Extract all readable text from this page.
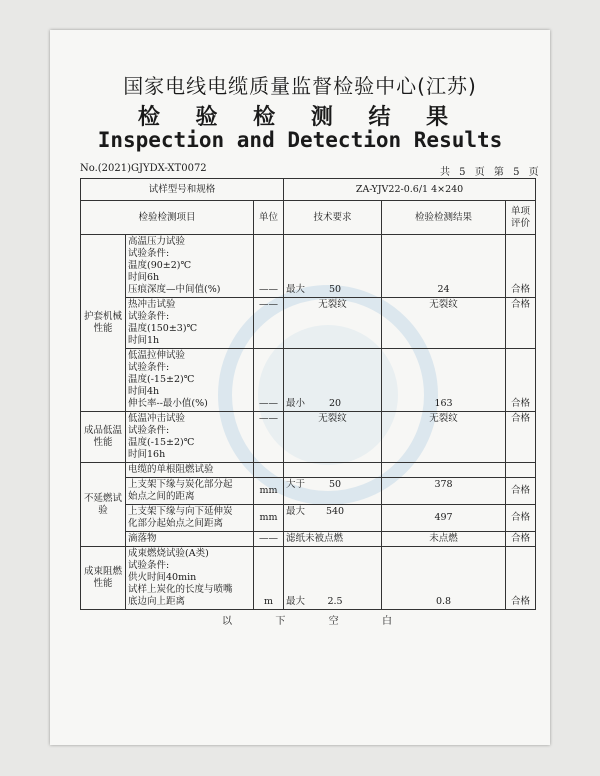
国家电线电缆质量监督检验中心(江苏)
检 验 检 测 结 果
Inspection and Detection Results
No.(2021)GJYDX-XT0072	共 5 页 第 5 页
试样型号和规格			ZA-YJV22-0.6/1 4×240		
检验检测项目		单位	技术要求	检验检测结果	单项评价
护套机械性能	高温压力试验
试验条件:
温度(90±2)℃
时间6h
压痕深度—中间值(%)	——	最大 50	24	合格

	热冲击试验
试验条件:
温度(150±3)℃
时间1h	——	无裂纹	无裂纹	合格

	低温拉伸试验
试验条件:
温度(-15±2)℃
时间4h
伸长率--最小值(%)	——	最小 20	163	合格
成品低温性能	低温冲击试验
试验条件:
温度(-15±2)℃
时间16h	——	无裂纹	无裂纹	合格
不延燃试验	电缆的单根阻燃试验				

	上支架下缘与炭化部分起
始点之间的距离	mm	大于 50	378	合格

	上支架下缘与向下延伸炭
化部分起始点之间距离	mm	最大 540	497	合格

	滴落物	——	滤纸未被点燃	未点燃	合格
成束阻燃性能	成束燃烧试验(A类)
试验条件:
供火时间40min
试样上炭化的长度与喷嘴
底边向上距离	m	最大 2.5	0.8	合格
以	下	空	白
